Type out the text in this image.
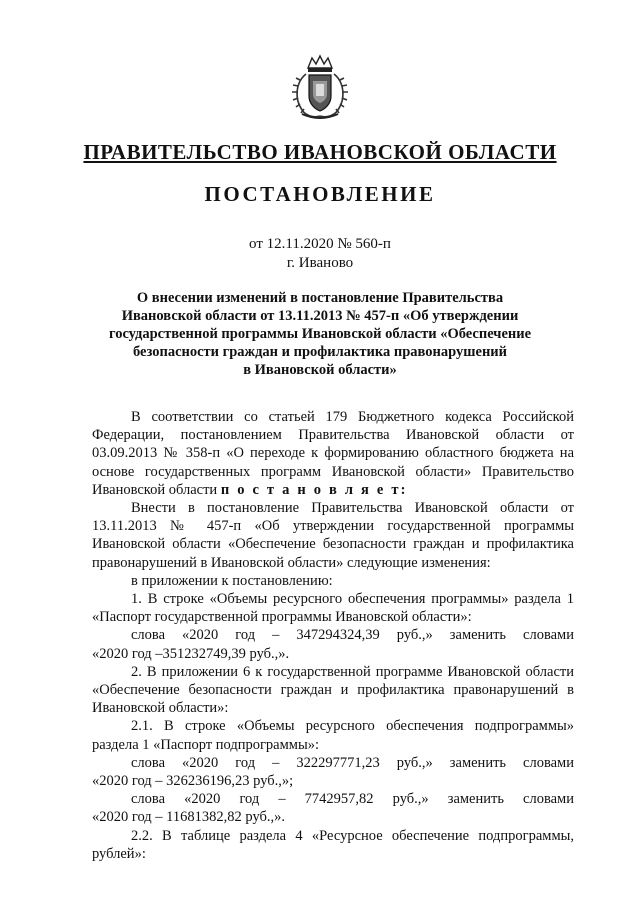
ПРАВИТЕЛЬСТВО ИВАНОВСКОЙ ОБЛАСТИ
ПОСТАНОВЛЕНИЕ
от 12.11.2020 № 560-п
г. Иваново
О внесении изменений в постановление Правительства
Ивановской области от 13.11.2013 № 457-п «Об утверждении
государственной программы Ивановской области «Обеспечение
безопасности граждан и профилактика правонарушений
в Ивановской области»

В соответствии со статьей 179 Бюджетного кодекса Российской Федерации, постановлением Правительства Ивановской области от 03.09.2013 № 358-п «О переходе к формированию областного бюджета на основе государственных программ Ивановской области» Правительство Ивановской области п о с т а н о в л я е т:

Внести в постановление Правительства Ивановской области от 13.11.2013 № 457-п «Об утверждении государственной программы Ивановской области «Обеспечение безопасности граждан и профилактика правонарушений в Ивановской области» следующие изменения:

в приложении к постановлению:

1. В строке «Объемы ресурсного обеспечения программы» раздела 1 «Паспорт государственной программы Ивановской области»:

слова «2020 год – 347294324,39 руб.,» заменить словами

«2020 год –351232749,39 руб.,».

2. В приложении 6 к государственной программе Ивановской области «Обеспечение безопасности граждан и профилактика правонарушений в Ивановской области»:

2.1. В строке «Объемы ресурсного обеспечения подпрограммы» раздела 1 «Паспорт подпрограммы»:

слова «2020 год – 322297771,23 руб.,» заменить словами

«2020 год – 326236196,23 руб.,»;

слова «2020 год – 7742957,82 руб.,» заменить словами

«2020 год – 11681382,82 руб.,».

2.2. В таблице раздела 4 «Ресурсное обеспечение подпрограммы, рублей»:
